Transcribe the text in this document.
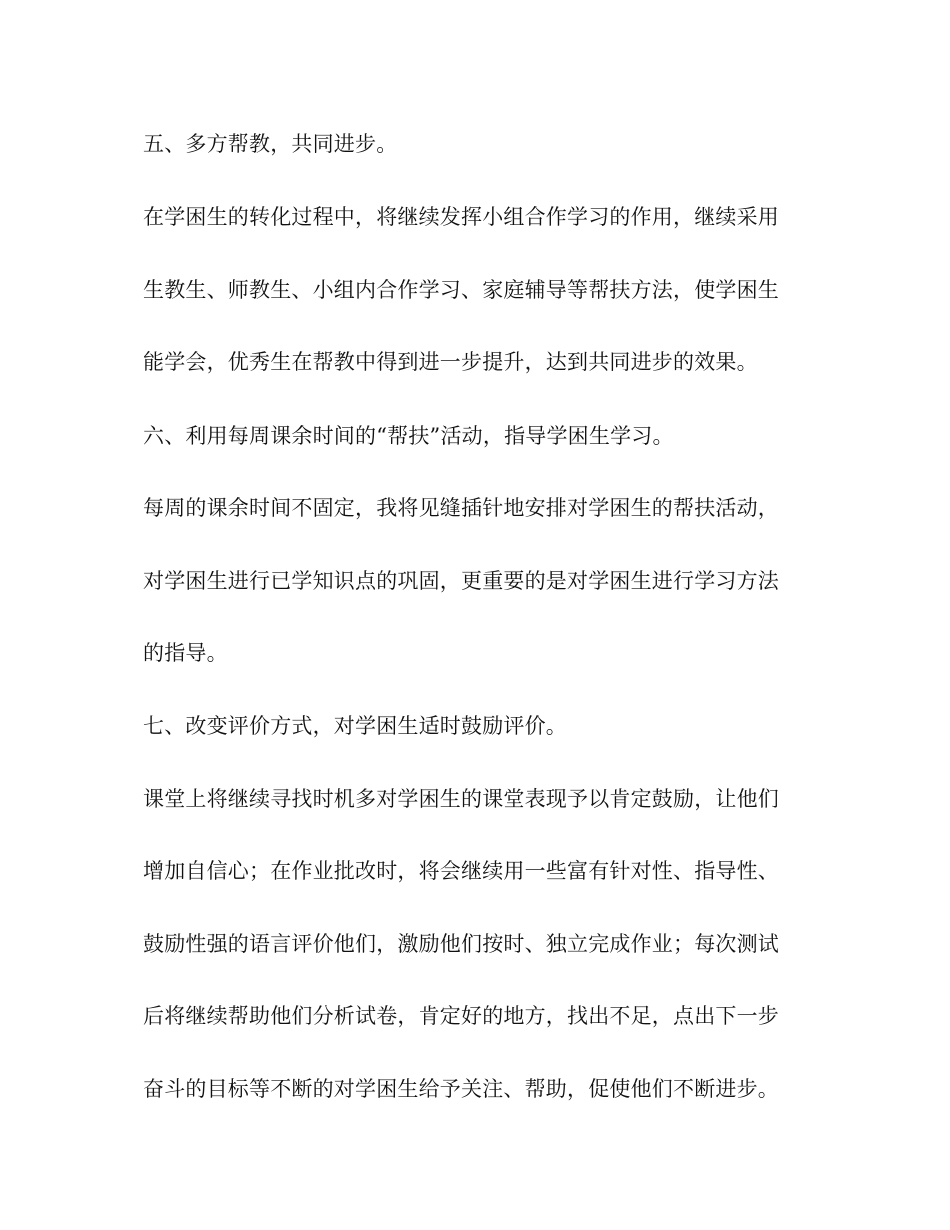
五、多方帮教，共同进步。
在学困生的转化过程中，将继续发挥小组合作学习的作用，继续采用
生教生、师教生、小组内合作学习、家庭辅导等帮扶方法，使学困生
能学会，优秀生在帮教中得到进一步提升，达到共同进步的效果。
六、利用每周课余时间的“帮扶”活动，指导学困生学习。
每周的课余时间不固定，我将见缝插针地安排对学困生的帮扶活动，
对学困生进行已学知识点的巩固，更重要的是对学困生进行学习方法
的指导。
七、改变评价方式，对学困生适时鼓励评价。
课堂上将继续寻找时机多对学困生的课堂表现予以肯定鼓励，让他们
增加自信心；在作业批改时，将会继续用一些富有针对性、指导性、
鼓励性强的语言评价他们，激励他们按时、独立完成作业；每次测试
后将继续帮助他们分析试卷，肯定好的地方，找出不足，点出下一步
奋斗的目标等不断的对学困生给予关注、帮助，促使他们不断进步。
